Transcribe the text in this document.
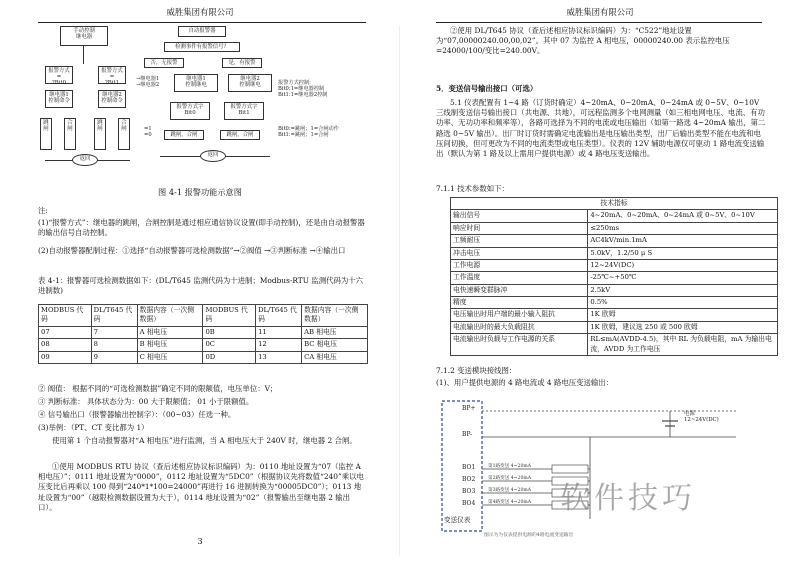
威胜集团有限公司
手动控制
继电器
报警方式=
?Bit0
报警方式=
?Bit1
继电器1
控制命令
继电器2
控制命令
跳闸
合闸
跳闸
合闸
返回
自动报警器
检测事件有报警信号？
否，无报警	是，有报警
继电器1
控制继电
继电器2
控制继电
报警方式字
Bit0
报警方式字
Bit1
跳闸，合闸	跳闸，合闸
返回
→继电器1
→继电器2
=1
=0
报警方式控制:
Bit0:1=继电器控制
Bit1:1=继电器2控制
Bit0:=跳闸；1=合闸动作
Bit1:=跳闸；1=合闸
图 4-1 报警功能示意图
注:
(1)“报警方式”：继电器的跳闸，合闸控制是通过相应通信协议设置(即手动控制)，还是由自动报警器的输出信号自动控制。
(2)自动报警器配制过程：①选择“自动报警器可选检测数据”→②阀值 →③判断标准 →④输出口
表 4-1：报警器可选检测数据如下：(DL/T645 监测代码为十进制；Modbus-RTU 监测代码为十六进制数)
MODBUS 代码	DL/T645 代码	数据内容（一次侧数据）	MODBUS 代码	DL/T645 代码	数据内容（一次侧数据）
07	7	A 相电压	0B	11	AB 相电压
08	8	B 相电压	0C	12	BC 相电压
09	9	C 相电压	0D	13	CA 相电压
② 阀值： 根据不同的“可选检测数据”确定不同的限额值，电压单位：V；
③ 判断标准： 具体状态分为：00 大于限额值； 01 小于限额值。
④ 信号输出口（报警器输出控制字）：（00~03）任选一种。
(3)举例：（PT、CT 变比都为 1）
使用第 1 个自动报警器对“A 相电压”进行监测，当 A 相电压大于 240V 时，继电器 2 合闸。
①使用 MODBUS RTU 协议（查后述相应协议标识编码）为：0110 地址设置为“07（监控 A 相电压）”；0111 地址设置为“0000”，0112 地址设置为“5DC0”（根据协议先将数值“240”乘以电压变比后再乘以 100 得到“240*1*100=24000”再进行 16 进制转换为“00005DC0”）；0113 地址设置为“00”（越限检测数据设置为大于），0114 地址设置为“02”（报警输出至继电器 2 输出口）。
3
威胜集团有限公司
②使用 DL/T645 协议（查后述相应协议标识编码）为：“C522”地址设置为“07,00000240.00,00,02”。其中 07 为监控 A 相电压，00000240.00 表示监控电压=24000/100/变比=240.00V。
5．变送信号输出接口（可选）
5.1 仪表配置有 1~4 路（订货时确定）4~20mA、0~20mA、0~24mA 或 0~5V、0~10V 三线制变送信号输出接口（共电源、共地），可远程监测多个电网测量（如三相电网电压、电流、有功功率、无功功率和频率等），各路可选择为不同的电流或电压输出（如第一路选 4~20mA 输出，第二路选 0~5V 输出）。出厂时订货时需确定电流输出是电压输出类型，出厂后输出类型不能在电流和电压间切换，但可更改为不同的电流类型或电压类型）。仪表的 12V 辅助电源仅可驱动 1 路电流变送输出（默认为第 1 路及以上需用户提供电源）或 4 路电压变送输出。
7.1.1 技术参数如下：
技术指标	
输出信号	4~20mA、0~20mA、0~24mA 或 0~5V、0~10V
响应时间	≤250ms
工频耐压	AC4kV/min.1mA
冲击电压	5.0kV，1.2/50 μ S
工作电源	12~24V(DC)
工作温度	-25℃~+50℃
电快速瞬变群脉冲	2.5kV
精度	0.5%
电压输出时用户端的最小输入阻抗	1K 欧姆
电流输出时的最大负载阻抗	1K 欧姆，建议选 250 或 500 欧姆
电流输出时负载与工作电源的关系	RL≤mA(AVDD-4.5)，其中 RL 为负载电阻，mA 为输出电流，AVDD 为工作电压
7.1.2 变送模块接线图：
(1)、用户提供电源的 4 路电流或 4 路电压变送输出：
BP+
BP-
BO1
BO2
BO3
BO4
第1路变送 4~20mA
第2路变送 4~20mA
第3路变送 4~20mA
第4路变送 4~20mA
电源
12~24V(DC)
变送仪表
图示为为仪表提供电源的4路电流变送输出
软件技巧
